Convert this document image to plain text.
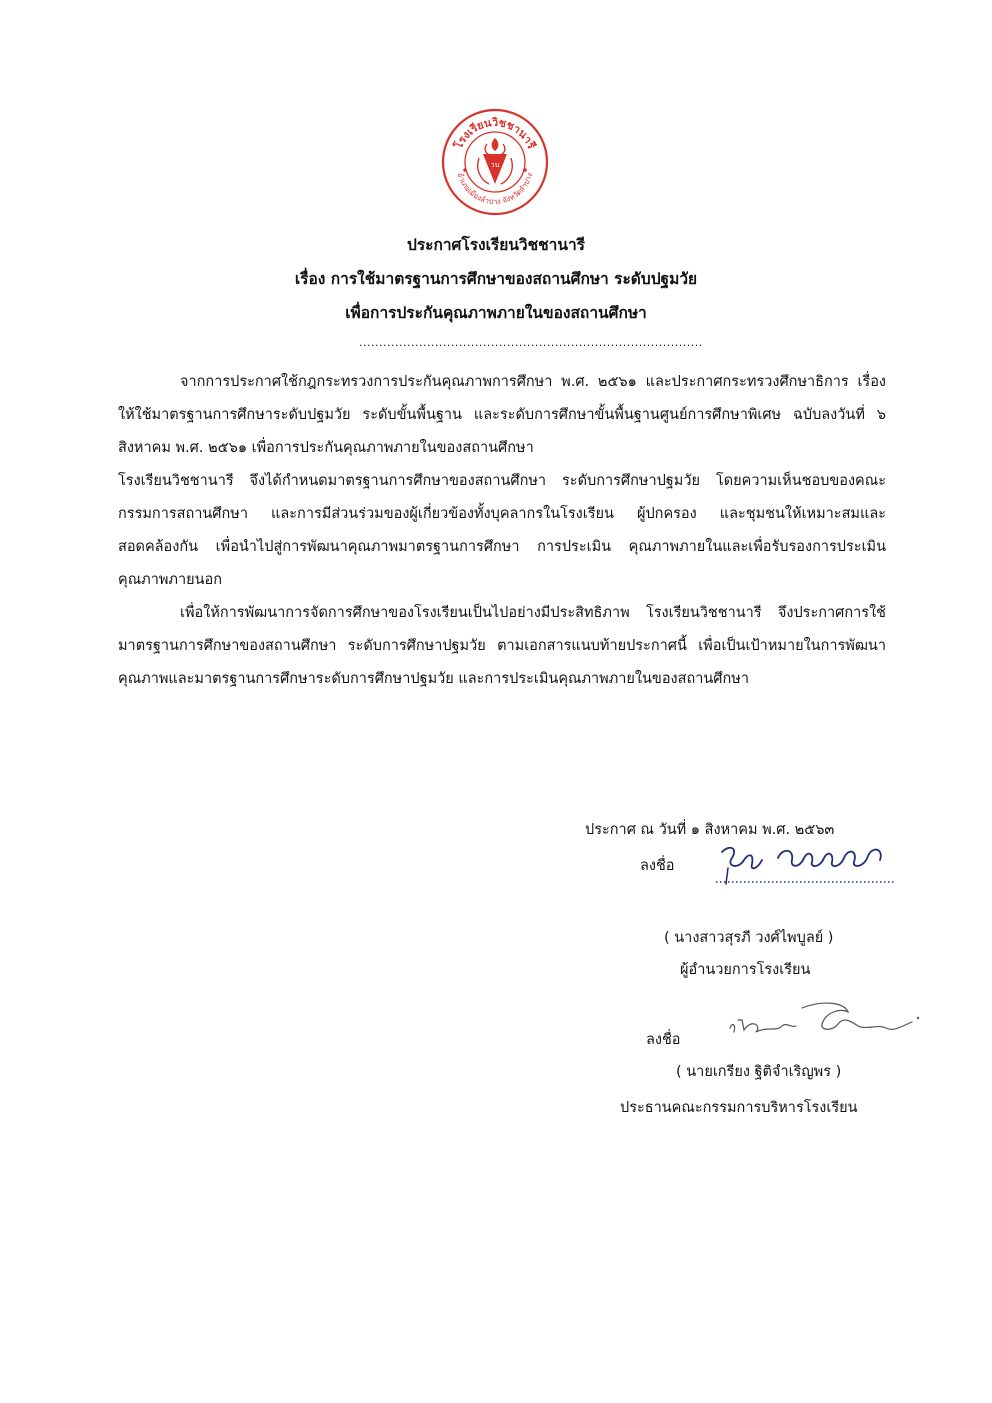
โรงเรียนวิชชานารี
อำเภอเมืองลำปาง จังหวัดลำปาง
วน

ประกาศโรงเรียนวิชชานารี

เรื่อง การใช้มาตรฐานการศึกษาของสถานศึกษา ระดับปฐมวัย

เพื่อการประกันคุณภาพภายในของสถานศึกษา

......................................................................................

จากการประกาศใช้กฎกระทรวงการประกันคุณภาพการศึกษา พ.ศ. ๒๕๖๑ และประกาศกระทรวงศึกษาธิการ เรื่อง ให้ใช้มาตรฐานการศึกษาระดับปฐมวัย ระดับขั้นพื้นฐาน และระดับการศึกษาขั้นพื้นฐานศูนย์การศึกษาพิเศษ ฉบับลงวันที่ ๖ สิงหาคม พ.ศ. ๒๕๖๑ เพื่อการประกันคุณภาพภายในของสถานศึกษา

โรงเรียนวิชชานารี จึงได้กำหนดมาตรฐานการศึกษาของสถานศึกษา ระดับการศึกษาปฐมวัย โดยความเห็นชอบของคณะกรรมการสถานศึกษา และการมีส่วนร่วมของผู้เกี่ยวข้องทั้งบุคลากรในโรงเรียน ผู้ปกครอง และชุมชนให้เหมาะสมและสอดคล้องกัน เพื่อนำไปสู่การพัฒนาคุณภาพมาตรฐานการศึกษา การประเมิน คุณภาพภายในและเพื่อรับรองการประเมินคุณภาพภายนอก

เพื่อให้การพัฒนาการจัดการศึกษาของโรงเรียนเป็นไปอย่างมีประสิทธิภาพ โรงเรียนวิชชานารี จึงประกาศการใช้มาตรฐานการศึกษาของสถานศึกษา ระดับการศึกษาปฐมวัย ตามเอกสารแนบท้ายประกาศนี้ เพื่อเป็นเป้าหมายในการพัฒนาคุณภาพและมาตรฐานการศึกษาระดับการศึกษาปฐมวัย และการประเมินคุณภาพภายในของสถานศึกษา

ประกาศ ณ วันที่ ๑ สิงหาคม พ.ศ. ๒๕๖๓
ลงชื่อ
( นางสาวสุรภี วงศ์ไพบูลย์ )
ผู้อำนวยการโรงเรียน
ลงชื่อ
( นายเกรียง ฐิติจำเริญพร )
ประธานคณะกรรมการบริหารโรงเรียน
